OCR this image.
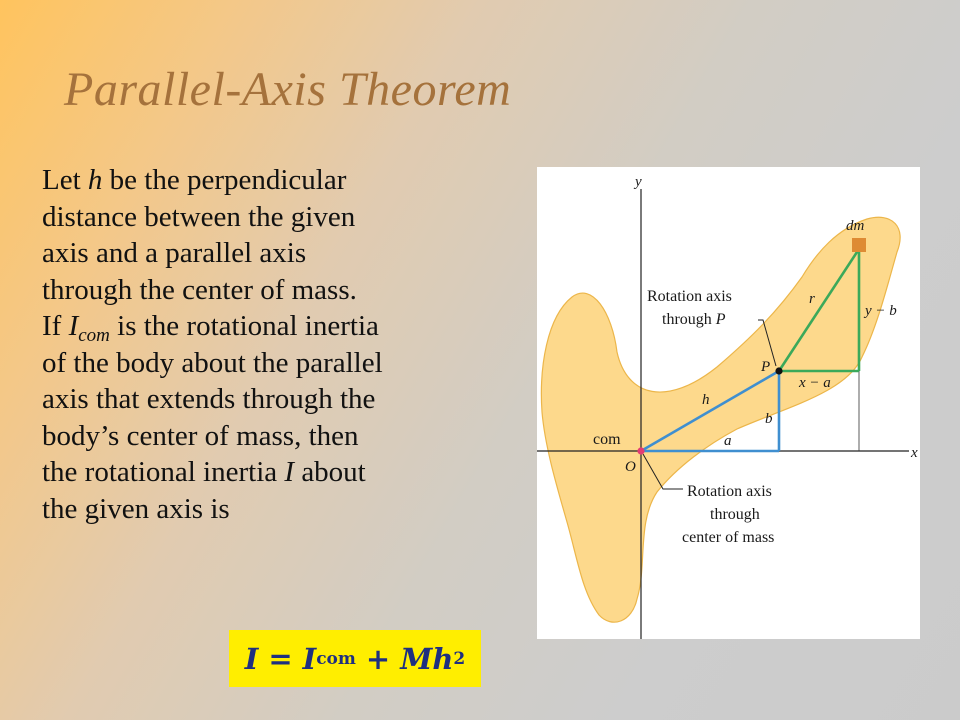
Parallel-Axis Theorem
Let h be the perpendicular
distance between the given
axis and a parallel axis
through the center of mass.
If $I_{com}$ is the rotational inertia
of the body about the parallel
axis that extends through the
body’s center of mass, then
the rotational inertia I about
the given axis is
I = I com + M h 2
x
y
dm
r
y − b
x − a
P
h
b
a
com
O
Rotation axis
through P
Rotation axis
through
center of mass
